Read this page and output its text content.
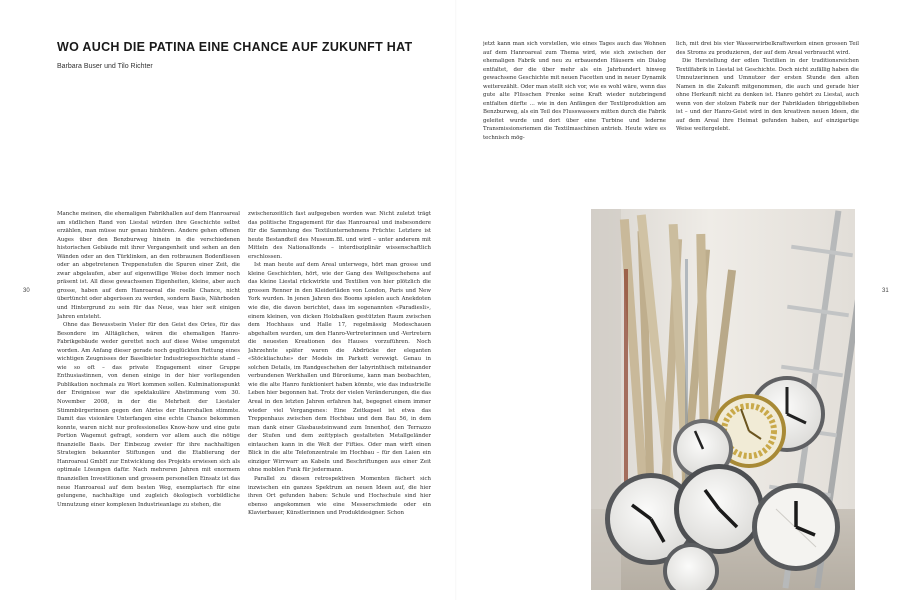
WO AUCH DIE PATINA EINE CHANCE AUF ZUKUNFT HAT
Barbara Buser und Tilo Richter

jetzt kann man sich vorstellen, wie eines Tages auch das Wohnen auf dem Hanroareal zum Thema wird, wie sich zwischen der ehemaligen Fabrik und neu zu erbauenden Häusern ein Dialog entfaltet, der die über mehr als ein Jahrhundert hinweg gewachsene Geschichte mit neuen Facetten und in neuer Dynamik weiterezählt. Oder man stellt sich vor, wie es wohl wäre, wenn das gute alte Flüsschen Frenke seine Kraft wieder nutzbringend entfalten dürfte … wie in den Anfängen der Textilproduktion am Benzburweg, als ein Teil des Flusswassers mitten durch die Fabrik geleitet wurde und dort über eine Turbine und lederne Transmissionsriemen die Textilmaschinen antrieb. Heute wäre es technisch mög-

lich, mit drei bis vier Wasserwirbelkraftwerken einen grossen Teil des Stroms zu produzieren, der auf dem Areal verbraucht wird.

Die Herstellung der edlen Textilien in der traditionsreichen Textilfabrik in Liestal ist Geschichte. Doch nicht zufällig haben die Umnutzerinnen und Umnutzer der ersten Stunde den alten Namen in die Zukunft mitgenommen, die auch und gerade hier ohne Herkunft nicht zu denken ist. Hanro gehört zu Liestal, auch wenn von der stolzen Fabrik nur der Fabrikladen übriggeblieben ist – und der Hanro-Geist wird in den kreativen neuen Ideen, die auf dem Areal ihre Heimat gefunden haben, auf einzigartige Weise weitergelebt.

Manche meinen, die ehemaligen Fabrikhallen auf dem Hanroareal am südlichen Rand von Liestal würden ihre Geschichte selbst erzählen, man müsse nur genau hinhören. Andere gehen offenen Auges über den Benzburweg hinein in die verschiedenen historischen Gebäude mit ihrer Vergangenheit und sehen an den Wänden oder an den Türklinken, an den rotbraunen Bodenfliesen oder an abgetretenen Treppenstufen die Spuren einer Zeit, die zwar abgelaufen, aber auf eigenwillige Weise doch immer noch präsent ist. All diese gewachsenen Eigenheiten, kleine, aber auch grosse, haben auf dem Hanroareal die reelle Chance, nicht übertüncht oder abgerissen zu werden, sondern Basis, Nährboden und Hintergrund zu sein für das Neue, was hier seit einigen Jahren entsteht.

Ohne das Bewusstsein Vieler für den Geist des Ortes, für das Besondere im Alltäglichen, wären die ehemaligen Hanro-Fabrikgebäude weder gerettet noch auf diese Weise umgenutzt worden. Am Anfang dieser gerade noch geglückten Rettung eines wichtigen Zeugnisses der Baselbieter Industriegeschichte stand – wie so oft – das private Engagement einer Gruppe Enthusiastinnen, von denen einige in der hier vorliegenden Publikation nochmals zu Wort kommen sollen. Kulminationspunkt der Ereignisse war die spektakuläre Abstimmung vom 30. November 2008, in der die Mehrheit der Liestaler Stimmbürgerinnen gegen den Abriss der Hanrohallen stimmte. Damit das visionäre Unterfangen eine echte Chance bekommen konnte, waren nicht nur professionelles Know-how und eine gute Portion Wagemut gefragt, sondern vor allem auch die nötige finanzielle Basis. Der Einbezug zweier für ihre nachhaltigen Strategien bekannter Stiftungen und die Etablierung der Hanroareal GmbH zur Entwicklung des Projekts erwiesen sich als optimale Lösungen dafür. Nach mehreren Jahren mit enormem finanziellen Investitionen und grossem personellen Einsatz ist das neue Hanroareal auf dem besten Weg, exemplarisch für eine gelungene, nachhaltige und zugleich ökologisch vorbildliche Umnutzung einer komplexen Industrieanlage zu stehen, die

zwischenzeitlich fast aufgegeben worden war. Nicht zuletzt trägt das politische Engagement für das Hanroareal und insbesondere für die Sammlung des Textilunternehmens Früchte: Letztere ist heute Bestandteil des Museum.BL und wird – unter anderem mit Mitteln des Nationalfonds – interdisziplinär wissenschaftlich erschlossen.

Ist man heute auf dem Areal unterwegs, hört man grosse und kleine Geschichten, hört, wie der Gang des Weltgeschehens auf das kleine Liestal rückwirkte und Textilien von hier plötzlich die grossen Renner in den Kleiderläden von London, Paris und New York wurden. In jenen Jahren des Booms spielen auch Anekdoten wie die, die davon berichtet, dass im sogenannten «Paradiesli», einem kleinen, von dicken Holzbalken gestützten Raum zwischen dem Hochhaus und Halle 17, regelmässig Modeschauen abgehalten wurden, um den Hanro-Vertreterinnen und -Vertretern die neuesten Kreationen des Hauses vorzuführen. Noch Jahrzehnte später waren die Abdrücke der eleganten «Stöckliachuhe» der Models im Parkett verewigt. Genau in solchen Details, im Randgeschehen der labyrinthisch miteinander verbundenen Werkhallen und Büroräume, kann man beobachten, wie die alte Hanro funktioniert haben könnte, wie das industrielle Leben hier begonnen hat. Trotz der vielen Veränderungen, die das Areal in den letzten Jahren erfahren hat, begegnet einem immer wieder viel Vergangenes: Eine Zeitkapsel ist etwa das Treppenhaus zwischen dem Hochbau und dem Bau 56, in dem man dank einer Glasbausteinwand zum Innenhof, den Terrazzo der Stufen und dem zeittypisch gestalteten Metallgeländer eintauchen kann in die Welt der Fifties. Oder man wirft einen Blick in die alte Telefonzentrale im Hochbau – für den Laien ein einziger Wirrwarr an Kabeln und Beschriftungen aus einer Zeit ohne mobilen Funk für jedermann.

Parallel zu diesen retrospektiven Momenten fächert sich inzwischen ein ganzes Spektrum an neuen Ideen auf, die hier ihren Ort gefunden haben: Schule und Hochschule sind hier ebenso angekommen wie eine Messerschmiede oder ein Klavierbauer, Künstlerinnen und Produktdesigner. Schon

30	31
